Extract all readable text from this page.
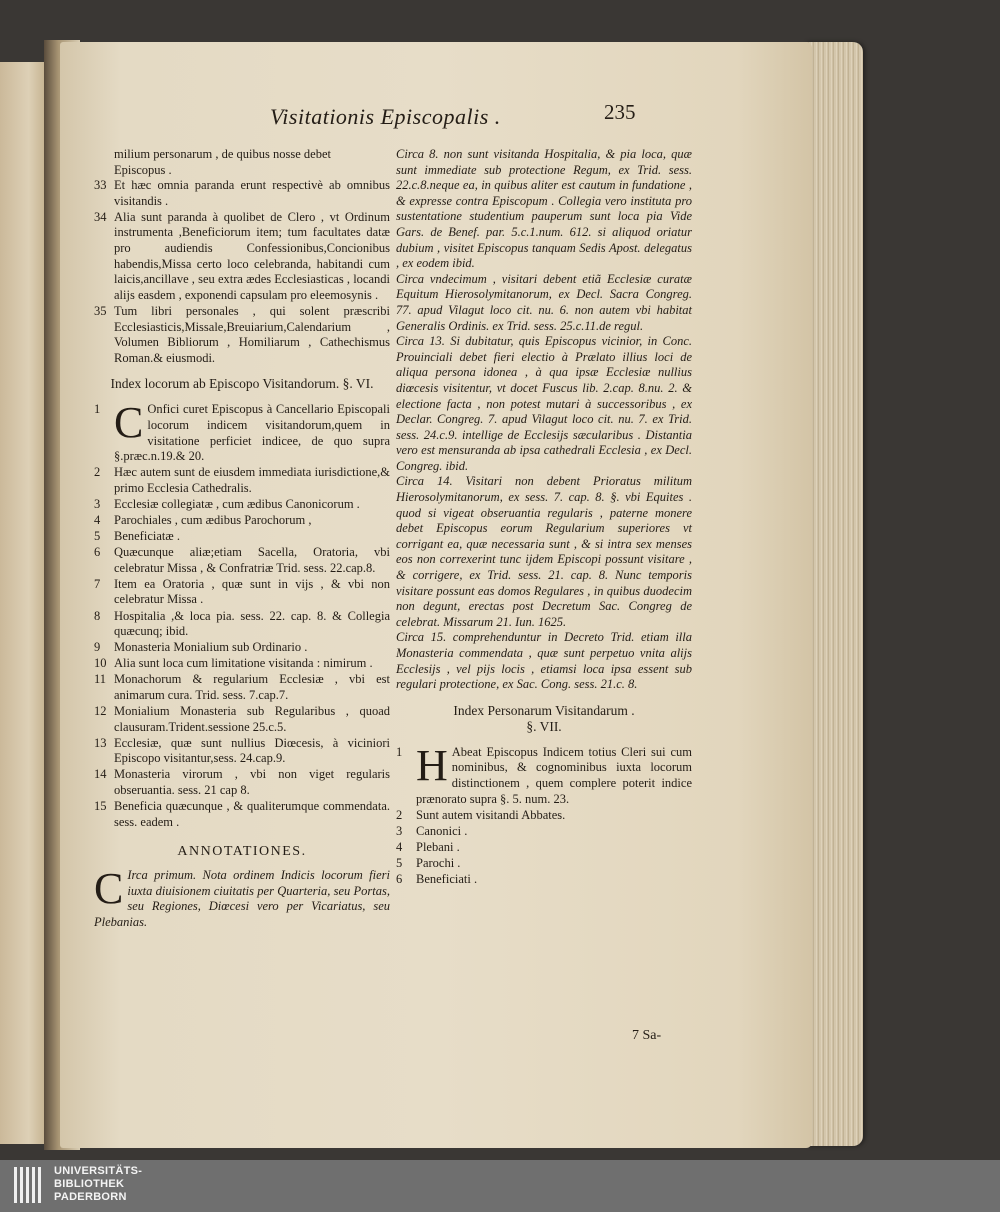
Visitationis Episcopalis .	235
milium personarum , de quibus nosse debet
Episcopus .
33 Et hæc omnia paranda erunt respectivè ab omnibus visitandis .
34 Alia sunt paranda à quolibet de Clero , vt Ordinum instrumenta ,Beneficiorum item; tum facultates datæ pro audiendis Confessionibus,Concionibus habendis,Missa certo loco celebranda, habitandi cum laicis,ancillave , seu extra ædes Ecclesiasticas , locandi alijs easdem , exponendi capsulam pro eleemosynis .
35 Tum libri personales , qui solent præscribi Ecclesiasticis,Missale,Breuiarium,Calendarium , Volumen Bibliorum , Homiliarum , Cathechismus Roman.& eiusmodi.
Index locorum ab Episcopo Visitandorum. §. VI.
1 C Onfici curet Episcopus à Cancellario Episcopali locorum indicem visitandorum,quem in visitatione perficiet indicee, de quo supra §.præc.n.19.& 20.
2	Hæc autem sunt de eiusdem immediata iurisdictione,& primo Ecclesia Cathedralis.
3	Ecclesiæ collegiatæ , cum ædibus Canonicorum .
4	Parochiales , cum ædibus Parochorum ,
5	Beneficiatæ .
6	Quæcunque aliæ;etiam Sacella, Oratoria, vbi celebratur Missa , & Confratriæ Trid. sess. 22.cap.8.
7	Item ea Oratoria , quæ sunt in vijs , & vbi non celebratur Missa .
8	Hospitalia ,& loca pia. sess. 22. cap. 8. & Collegia quæcunq; ibid.
9	Monasteria Monialium sub Ordinario .
10 Alia sunt loca cum limitatione visitanda : nimirum .
11 Monachorum & regularium Ecclesiæ , vbi est animarum cura. Trid. sess. 7.cap.7.
12 Monialium Monasteria sub Regularibus , quoad clausuram.Trident.sessione 25.c.5.
13 Ecclesiæ, quæ sunt nullius Diœcesis, à viciniori Episcopo visitantur,sess. 24.cap.9.
14 Monasteria virorum , vbi non viget regularis obseruantia. sess. 21 cap 8.
15 Beneficia quæcunque , & qualiterumque commendata. sess. eadem .
ANNOTATIONES.
C Irca primum. Nota ordinem Indicis locorum fieri iuxta diuisionem ciuitatis per Quarteria, seu Portas, seu Regiones, Diœcesi vero per Vicariatus, seu Plebanias.
Circa 8. non sunt visitanda Hospitalia, & pia loca, quæ sunt immediate sub protectione Regum, ex Trid. sess. 22.c.8.neque ea, in quibus aliter est cautum in fundatione , & expresse contra Episcopum . Collegia vero instituta pro sustentatione studentium pauperum sunt loca pia Vide Gars. de Benef. par. 5.c.1.num. 612. si aliquod oriatur dubium , visitet Episcopus tanquam Sedis Apost. delegatus , ex eodem ibid.
Circa vndecimum , visitari debent etiã Ecclesiæ curatæ Equitum Hierosolymitanorum, ex Decl. Sacra Congreg. 77. apud Vilagut loco cit. nu. 6. non autem vbi habitat Generalis Ordinis. ex Trid. sess. 25.c.11.de regul.
Circa 13. Si dubitatur, quis Episcopus vicinior, in Conc. Prouinciali debet fieri electio à Prælato illius loci de aliqua persona idonea , à qua ipsæ Ecclesiæ nullius diœcesis visitentur, vt docet Fuscus lib. 2.cap. 8.nu. 2. & electione facta , non potest mutari à successoribus , ex Declar. Congreg. 7. apud Vilagut loco cit. nu. 7. ex Trid. sess. 24.c.9. intellige de Ecclesijs sæcularibus . Distantia vero est mensuranda ab ipsa cathedrali Ecclesia , ex Decl. Congreg. ibid.
Circa 14. Visitari non debent Prioratus militum Hierosolymitanorum, ex sess. 7. cap. 8. §. vbi Equites . quod si vigeat obseruantia regularis , paterne monere debet Episcopus eorum Regularium superiores vt corrigant ea, quæ necessaria sunt , & si intra sex menses eos non correxerint tunc ijdem Episcopi possunt visitare , & corrigere, ex Trid. sess. 21. cap. 8. Nunc temporis visitare possunt eas domos Regulares , in quibus duodecim non degunt, erectas post Decretum Sac. Congreg de celebrat. Missarum 21. Iun. 1625.
Circa 15. comprehenduntur in Decreto Trid. etiam illa Monasteria commendata , quæ sunt perpetuo vnita alijs Ecclesijs , vel pijs locis , etiamsi loca ipsa essent sub regulari protectione, ex Sac. Cong. sess. 21.c. 8.
Index Personarum Visitandarum .
§. VII.
1 H Abeat Episcopus Indicem totius Cleri sui cum nominibus, & cognominibus iuxta locorum distinctionem , quem complere poterit indice prænorato supra §. 5. num. 23.
2	Sunt autem visitandi Abbates.
3	Canonici .
4	Plebani .
5	Parochi .
6	Beneficiati .
7 Sa-
UNIVERSITÄTS-
BIBLIOTHEK
PADERBORN
